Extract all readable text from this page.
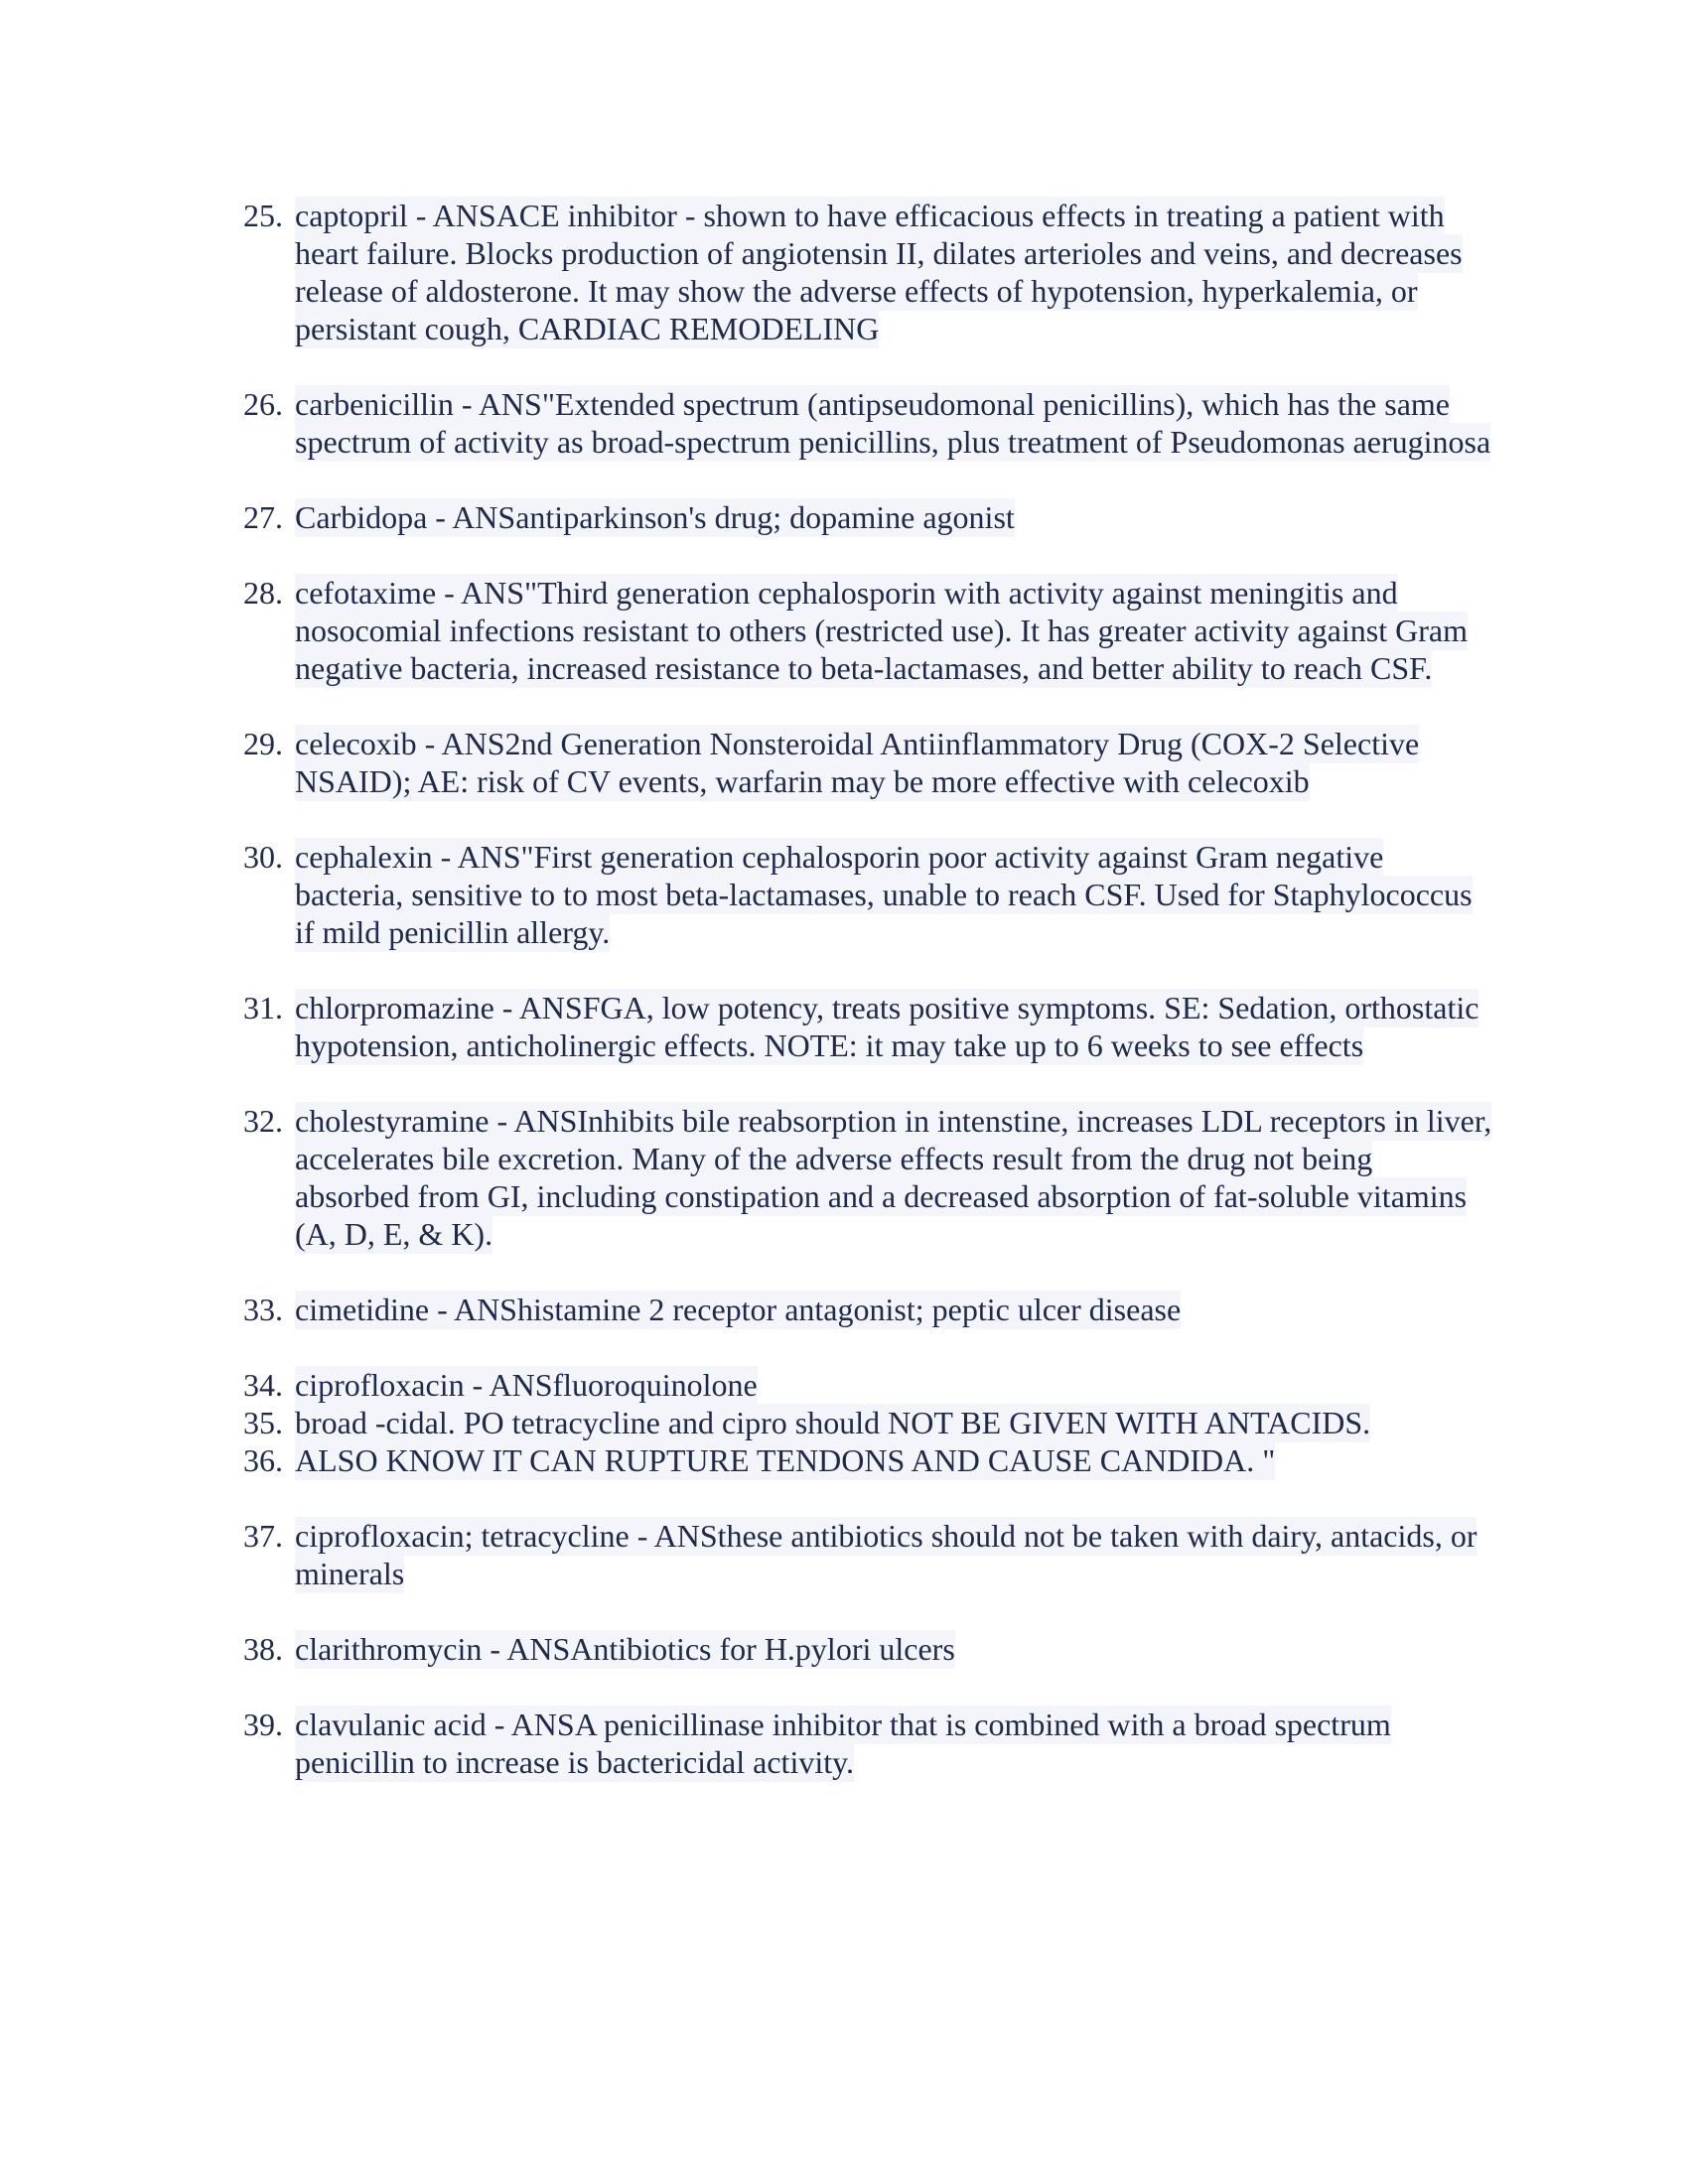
25. captopril - ANSACE inhibitor - shown to have efficacious effects in treating a patient with heart failure. Blocks production of angiotensin II, dilates arterioles and veins, and decreases release of aldosterone. It may show the adverse effects of hypotension, hyperkalemia, or persistant cough, CARDIAC REMODELING
26. carbenicillin - ANS"Extended spectrum (antipseudomonal penicillins), which has the same spectrum of activity as broad-spectrum penicillins, plus treatment of Pseudomonas aeruginosa
27. Carbidopa - ANSantiparkinson's drug; dopamine agonist
28. cefotaxime - ANS"Third generation cephalosporin with activity against meningitis and nosocomial infections resistant to others (restricted use). It has greater activity against Gram negative bacteria, increased resistance to beta-lactamases, and better ability to reach CSF.
29. celecoxib - ANS2nd Generation Nonsteroidal Antiinflammatory Drug (COX-2 Selective NSAID); AE: risk of CV events, warfarin may be more effective with celecoxib
30. cephalexin - ANS"First generation cephalosporin poor activity against Gram negative bacteria, sensitive to to most beta-lactamases, unable to reach CSF. Used for Staphylococcus if mild penicillin allergy.
31. chlorpromazine - ANSFGA, low potency, treats positive symptoms. SE: Sedation, orthostatic hypotension, anticholinergic effects. NOTE: it may take up to 6 weeks to see effects
32. cholestyramine - ANSInhibits bile reabsorption in intenstine, increases LDL receptors in liver, accelerates bile excretion. Many of the adverse effects result from the drug not being absorbed from GI, including constipation and a decreased absorption of fat-soluble vitamins (A, D, E, & K).
33. cimetidine - ANShistamine 2 receptor antagonist; peptic ulcer disease
34. ciprofloxacin - ANSfluoroquinolone
35. broad -cidal. PO tetracycline and cipro should NOT BE GIVEN WITH ANTACIDS.
36. ALSO KNOW IT CAN RUPTURE TENDONS AND CAUSE CANDIDA. "
37. ciprofloxacin; tetracycline - ANSthese antibiotics should not be taken with dairy, antacids, or minerals
38. clarithromycin - ANSAntibiotics for H.pylori ulcers
39. clavulanic acid - ANSA penicillinase inhibitor that is combined with a broad spectrum penicillin to increase is bactericidal activity.
